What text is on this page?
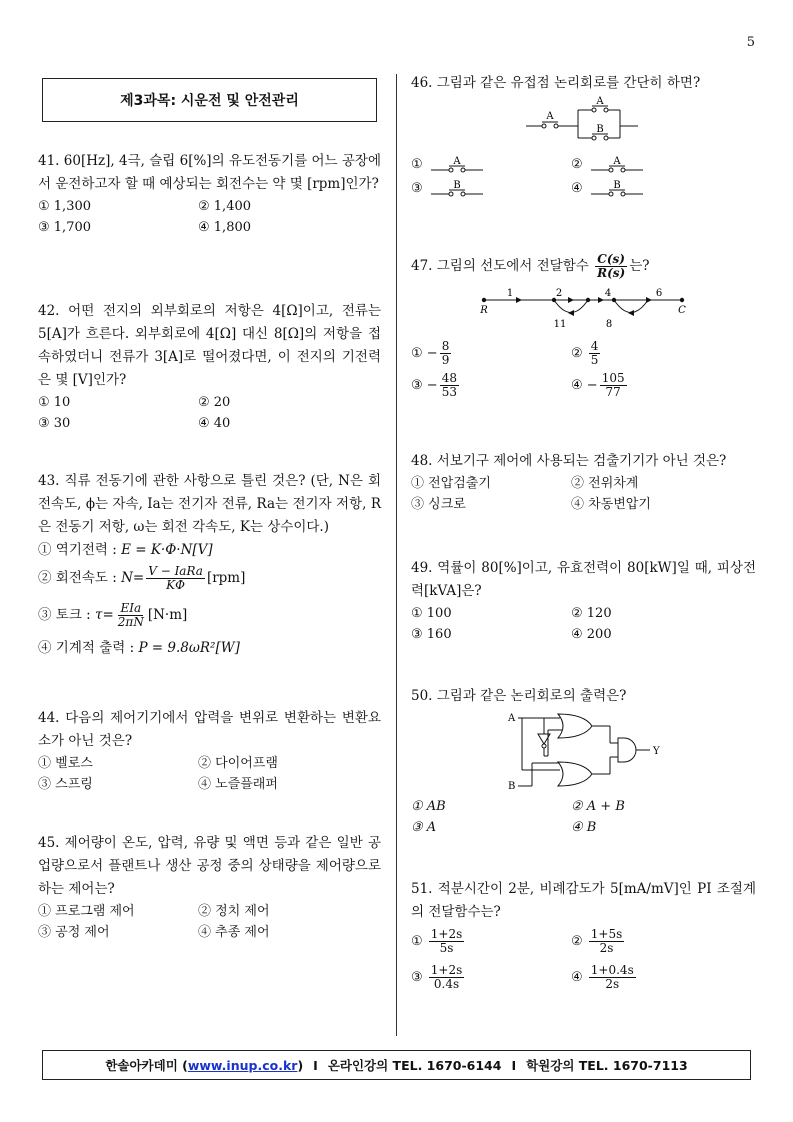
5
제3과목: 시운전 및 안전관리

41. 60[Hz], 4극, 슬립 6[%]의 유도전동기를 어느 공장에서 운전하고자 할 때 예상되는 회전수는 약 몇 [rpm]인가?

① 1,300	② 1,400
③ 1,700	④ 1,800

42. 어떤 전지의 외부회로의 저항은 4[Ω]이고, 전류는 5[A]가 흐른다. 외부회로에 4[Ω] 대신 8[Ω]의 저항을 접속하였더니 전류가 3[A]로 떨어졌다면, 이 전지의 기전력은 몇 [V]인가?

① 10	② 20
③ 30	④ 40

43. 직류 전동기에 관한 사항으로 틀린 것은? (단, N은 회전속도, ϕ는 자속, Ia는 전기자 전류, Ra는 전기자 저항, R은 전동기 저항, ω는 회전 각속도, K는 상수이다.)

① 역기전력 : E = K·Φ·N[V]
② 회전속도 : $N= \frac{\text{V − IaRa}}{K\Phi} [rpm]$
③ 토크 : $\tau= \frac{\text{EIa}}{2\pi N} [N\cdot m]$
④ 기계적 출력 : P = 9.8ωR²[W]

44. 다음의 제어기기에서 압력을 변위로 변환하는 변환요소가 아닌 것은?

① 벨로스	② 다이어프램
③ 스프링	④ 노즐플래퍼

45. 제어량이 온도, 압력, 유량 및 액면 등과 같은 일반 공업량으로서 플랜트나 생산 공정 중의 상태량을 제어량으로 하는 제어는?

① 프로그램 제어	② 정치 제어
③ 공정 제어	④ 추종 제어

46. 그림과 같은 유접점 논리회로를 간단히 하면?

A
A
B
①	A̅	②	A
③	B	④	B̅
47. 그림의 선도에서 전달함수 $\frac{C(s)}{R(s)}$ 는?
1	2	4	6
11	8
R	C
① − $\frac{8}{9}$	② $\frac{4}{5}$
③ − $\frac{48}{53}$	④ − $\frac{105}{77}$

48. 서보기구 제어에 사용되는 검출기기가 아닌 것은?

① 전압검출기	② 전위차계
③ 싱크로	④ 차동변압기

49. 역률이 80[%]이고, 유효전력이 80[kW]일 때, 피상전력[kVA]은?

① 100	② 120
③ 160	④ 200

50. 그림과 같은 논리회로의 출력은?

A
B
Y
① AB	② A + B
③ A	④ B

51. 적분시간이 2분, 비례감도가 5[mA/mV]인 PI 조절계의 전달함수는?

① $\frac{1+2s}{5s}$	② $\frac{1+5s}{2s}$
③ $\frac{1+2s}{0.4s}$	④ $\frac{1+0.4s}{2s}$
한솔아카데미 ( www.inup.co.kr ) I 온라인강의 TEL. 1670-6144 I 학원강의 TEL. 1670-7113
